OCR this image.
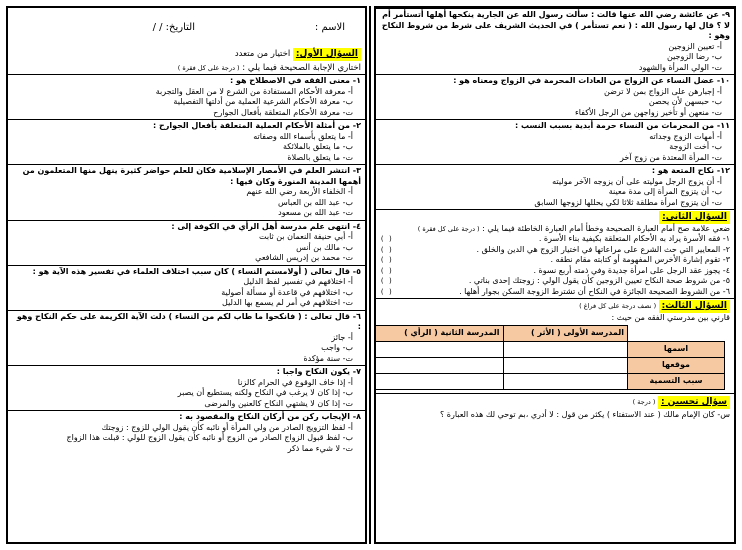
الاسم :
التاريخ: / /
السؤال الأول: اختيار من متعدد
اختاري الإجابة الصحيحة فيما يلي : ( درجة على كل فقرة )
١- معنى الفقه في الاصطلاح هو :
أ- معرفة الأحكام المستفادة من الشرع لا من العقل والتجربة
ب- معرفة الأحكام الشرعية العملية من أدلتها التفصيلية
ت- معرفة الأحكام المتعلقة بأفعال الجوارح
٢- من أمثلة الأحكام العملية المتعلقة بأفعال الجوارح :
أ- ما يتعلق بأسماء الله وصفاته
ب- ما يتعلق بالملائكة
ت- ما يتعلق بالصلاة
٣- انتشر العلم في الأمصار الإسلامية فكان للعلم حواضر كثيرة ينهل منها المتعلمون من أهمها المدينة المنورة وكان فيها :
أ- الخلفاء الأربعة رضي الله عنهم
ب- عبد الله بن العباس
ت- عبد الله بن مسعود
٤- انتهى علم مدرسة أهل الرأي في الكوفة إلى :
أ- أبي حنيفة النعمان بن ثابت
ب- مالك بن أنس
ت- محمد بن إدريس الشافعي
٥- قال تعالى ( أولامستم النساء ) كان سبب اختلاف العلماء في تفسير هذه الآية هو :
أ- اختلافهم في تفسير لفظ الدليل
ب- اختلافهم في قاعدة أو مسألة أصولية
ت- اختلافهم في أمر لم يسمع بها الدليل
٦- قال تعالى : ( فانكحوا ما طاب لكم من النساء ) دلت الآية الكريمة على حكم النكاح وهو :
أ- جائز
ب- واجب
ت- سنة مؤكدة
٧- يكون النكاح واجبا :
أ- إذا خاف الوقوع في الحرام كالزنا
ب- إذا كان لا يرغب في النكاح ولكنه يستطيع أن يصبر
ت- إذا كان لا يشتهي النكاح كالعنين والمرضى
٨- الإيجاب ركن من أركان النكاح والمقصود به :
أ- لفظ التزويج الصادر من ولي المرأة أو نائبه كأن يقول الولي للزوج : زوجتك
ب- لفظ قبول الزواج الصادر من الزوج أو نائبه كأن يقول الزوج للولي : قبلت هذا الزواج
ت- لا شيء مما ذكر
٩- عن عائشة رضي الله عنها قالت : سألت رسول الله عن الجارية ينكحها أهلها أتستأمر أم لا ؟ قال لها رسول الله : ( نعم تستأمر ) في الحديث الشريف على شرط من شروط النكاح وهو :
أ- تعيين الزوجين
ب- رضا الزوجين
ت- الولي المرأة والشهود
١٠- عضل النساء عن الزواج من العادات المحرمة في الزواج ومعناه هو :
أ- إجبارهن على الزواج بمن لا ترضن
ب- حبسهن لأن يحصن
ت- منعهن أو تأخير زواجهن من الرجل الأكفاء
١١- من المحرمات من النساء حرمة أبدية بسبب النسب :
أ- أمهات الزوج وجداته
ب- أخت الزوجة
ت- المرأة المعتدة من زوج آخر
١٢- نكاح المتعة هو :
أ- أن يزوج الرجل موليته على أن يزوجه الآخر موليته
ب- أن يتزوج المرأة إلى مدة معينة
ت- أن يتزوج امرأة مطلقة ثلاثا لكي يحللها لزوجها السابق
السؤال الثاني:
ضعي علامة صح أمام العبارة الصحيحة وخطأ أمام العبارة الخاطئة فيما يلي : ( درجة على كل فقرة )
١- فقه الأسرة يراد به الأحكام المتعلقة بكيفية بناء الأسرة .
( )
٢- المعايير التي حث الشرع على مراعاتها في اختيار الزوج هي الدين والخلق .
( )
٣- تقوم إشارة الأخرس المفهومة أو كتابته مقام نطقه .
( )
٤- يجوز عقد الرجل على امرأة جديدة وفي ذمته أربع نسوة .
( )
٥- من شروط صحة النكاح تعيين الزوجين كأن يقول الولي : زوجتك إحدى بناتي .
( )
٦- من الشروط الصحيحة الجائزة في النكاح أن تشترط الزوجة السكن بجوار أهلها .
( )
السؤال الثالث: ( نصف درجة على كل فراغ )
قارني بين مدرستي الفقه من حيث :
	المدرسة الأولى ( الأثر )	المدرسة الثانية ( الرأي )
اسمها		
موقعها		
سبب التسمية		
سؤال تحسين : ( درجة )
س- كان الإمام مالك ( عند الاستفتاء ) يكثر من قول : لا أدري ،بم توحي لك هذه العبارة ؟
